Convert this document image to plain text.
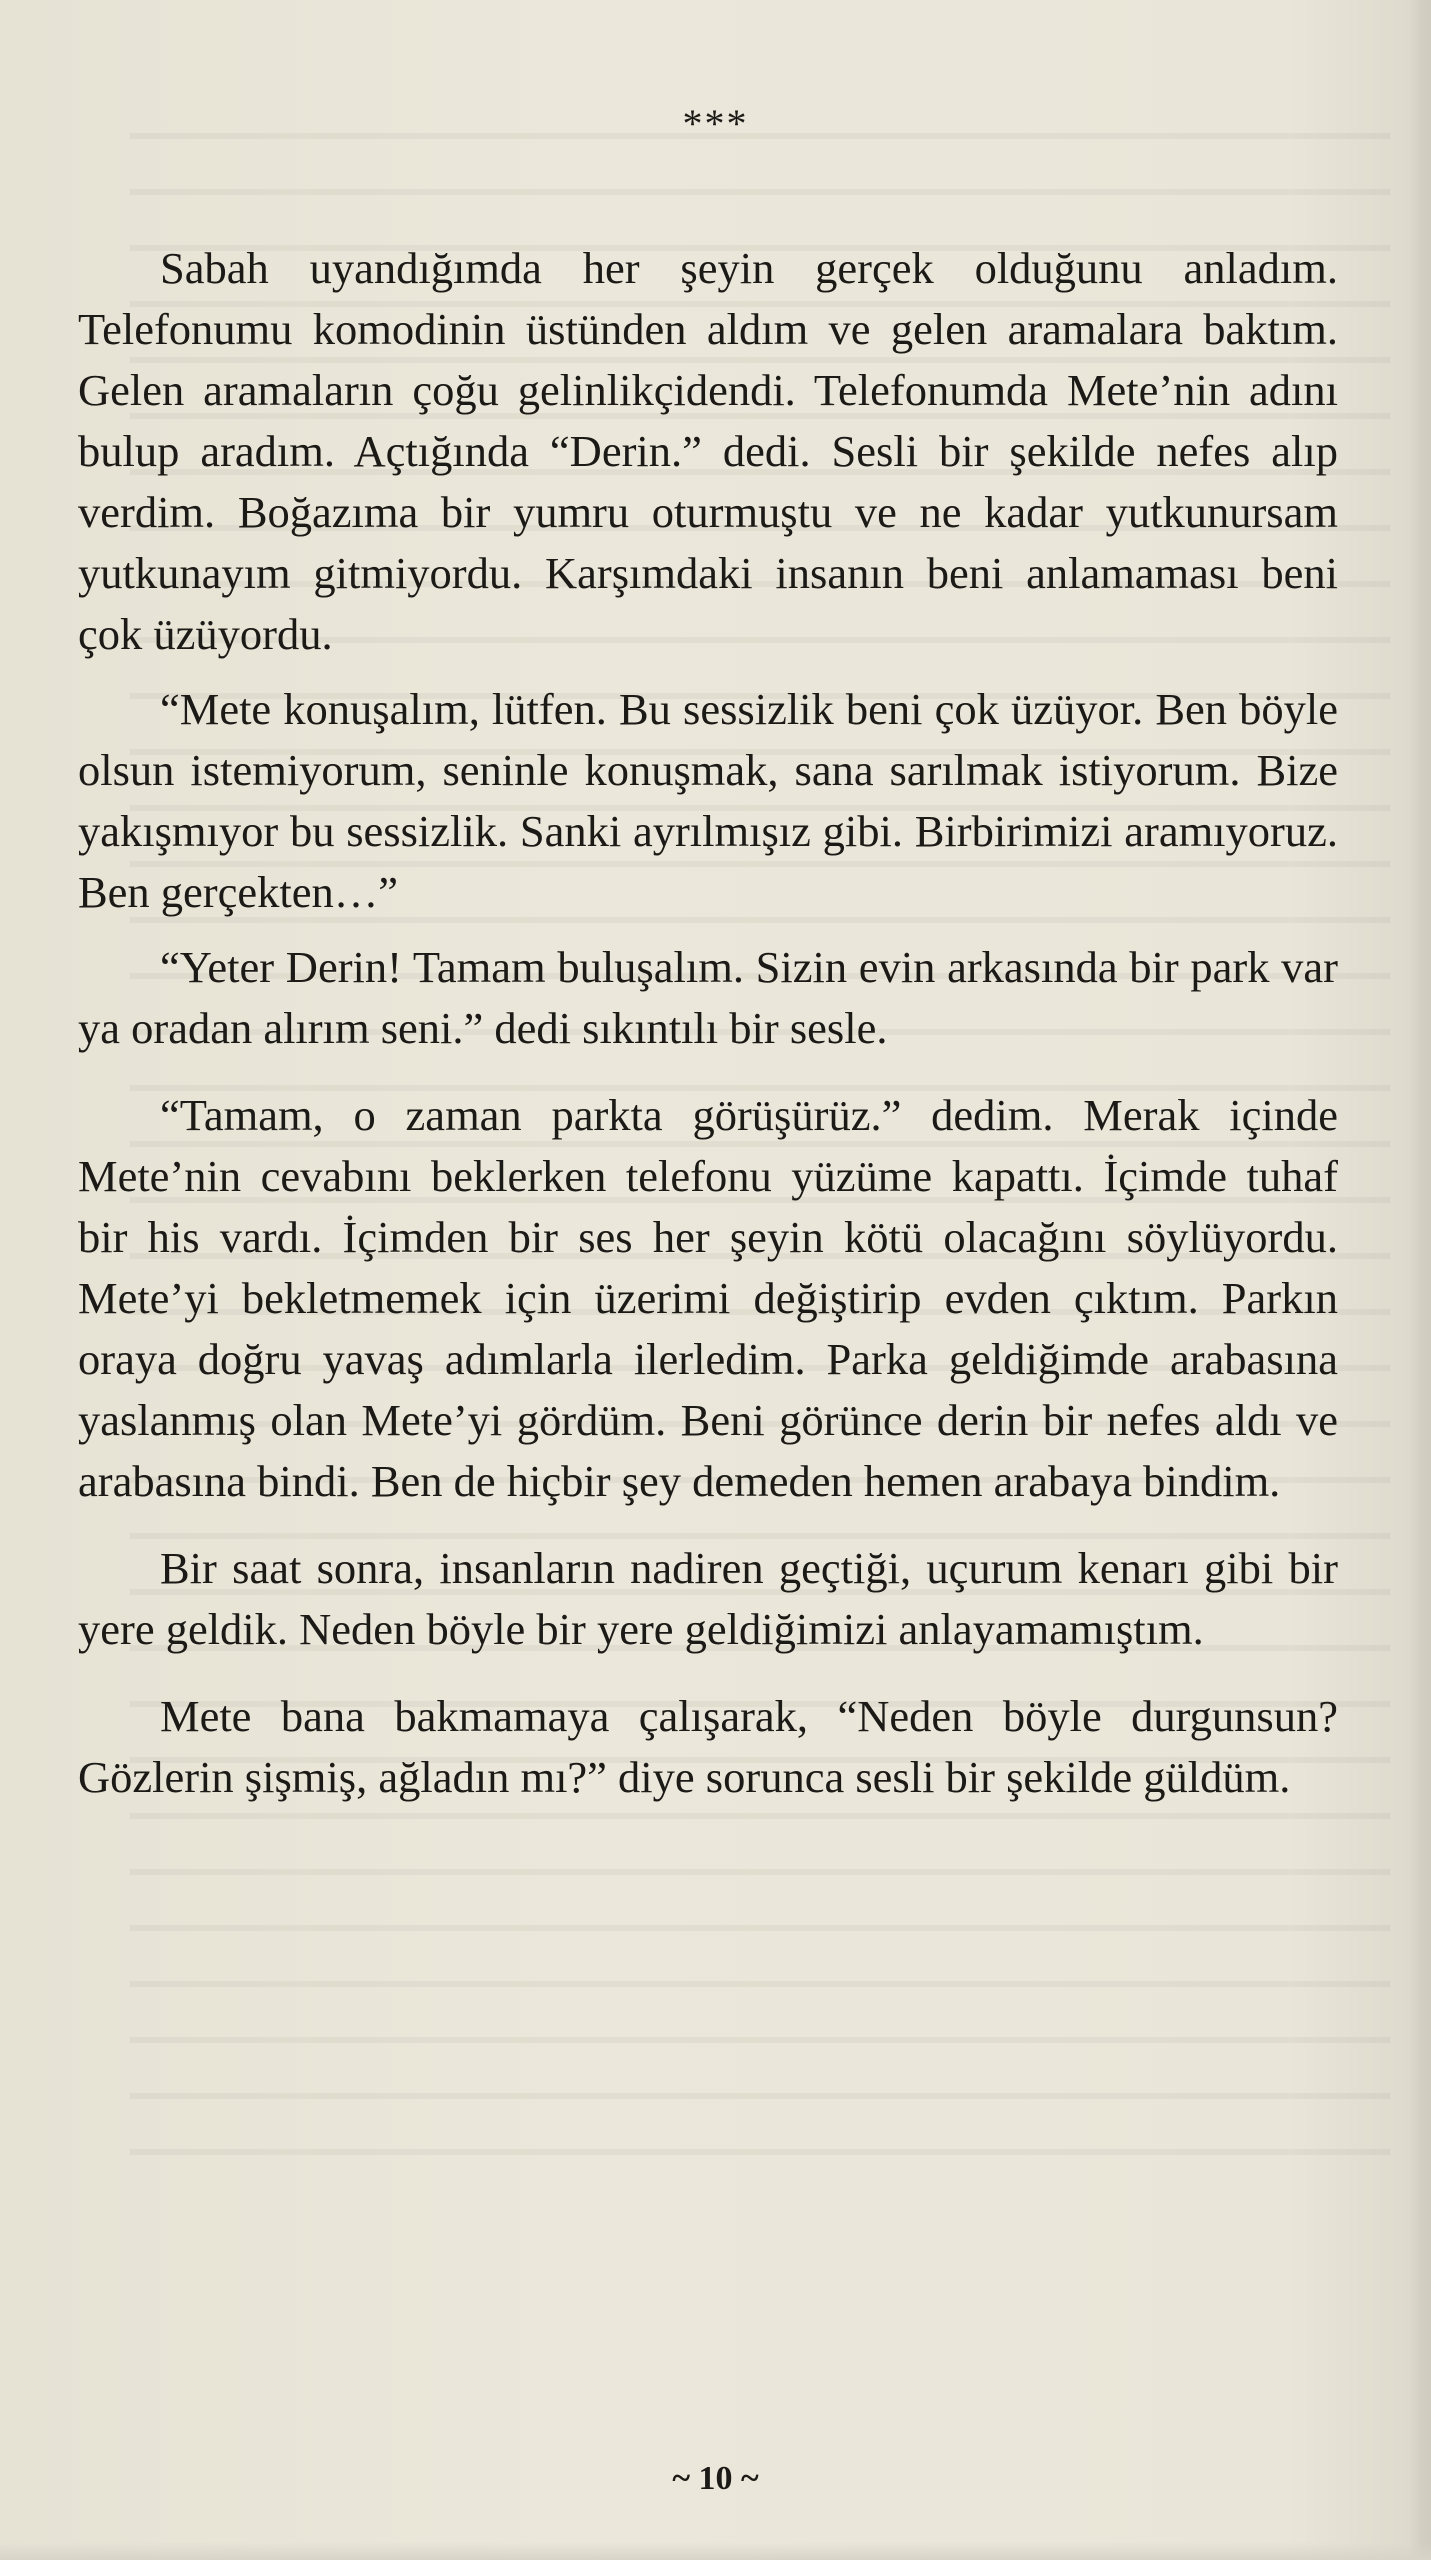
***

Sabah uyandığımda her şeyin gerçek olduğunu anladım. Telefonumu komodinin üstünden aldım ve gelen aramalara baktım. Gelen aramaların çoğu gelinlikçidendi. Telefonumda Mete’nin adını bulup aradım. Açtığında “Derin.” dedi. Sesli bir şekilde nefes alıp verdim. Boğazıma bir yumru oturmuştu ve ne kadar yutkunursam yutkunayım gitmiyordu. Karşımdaki insanın beni anlamaması beni çok üzüyordu.

“Mete konuşalım, lütfen. Bu sessizlik beni çok üzüyor. Ben böyle olsun istemiyorum, seninle konuşmak, sana sarılmak istiyorum. Bize yakışmıyor bu sessizlik. Sanki ayrılmışız gibi. Birbirimizi aramıyoruz. Ben gerçekten…”

“Yeter Derin! Tamam buluşalım. Sizin evin arkasında bir park var ya oradan alırım seni.” dedi sıkıntılı bir sesle.

“Tamam, o zaman parkta görüşürüz.” dedim. Merak içinde Mete’nin cevabını beklerken telefonu yüzüme kapattı. İçimde tuhaf bir his vardı. İçimden bir ses her şeyin kötü olacağını söylüyordu. Mete’yi bekletmemek için üzerimi değiştirip evden çıktım. Parkın oraya doğru yavaş adımlarla ilerledim. Parka geldiğimde arabasına yaslanmış olan Mete’yi gördüm. Beni görünce derin bir nefes aldı ve arabasına bindi. Ben de hiçbir şey demeden hemen arabaya bindim.

Bir saat sonra, insanların nadiren geçtiği, uçurum kenarı gibi bir yere geldik. Neden böyle bir yere geldiğimizi anlayamamıştım.

Mete bana bakmamaya çalışarak, “Neden böyle durgunsun? Gözlerin şişmiş, ağladın mı?” diye sorunca sesli bir şekilde güldüm.

~ 10 ~
